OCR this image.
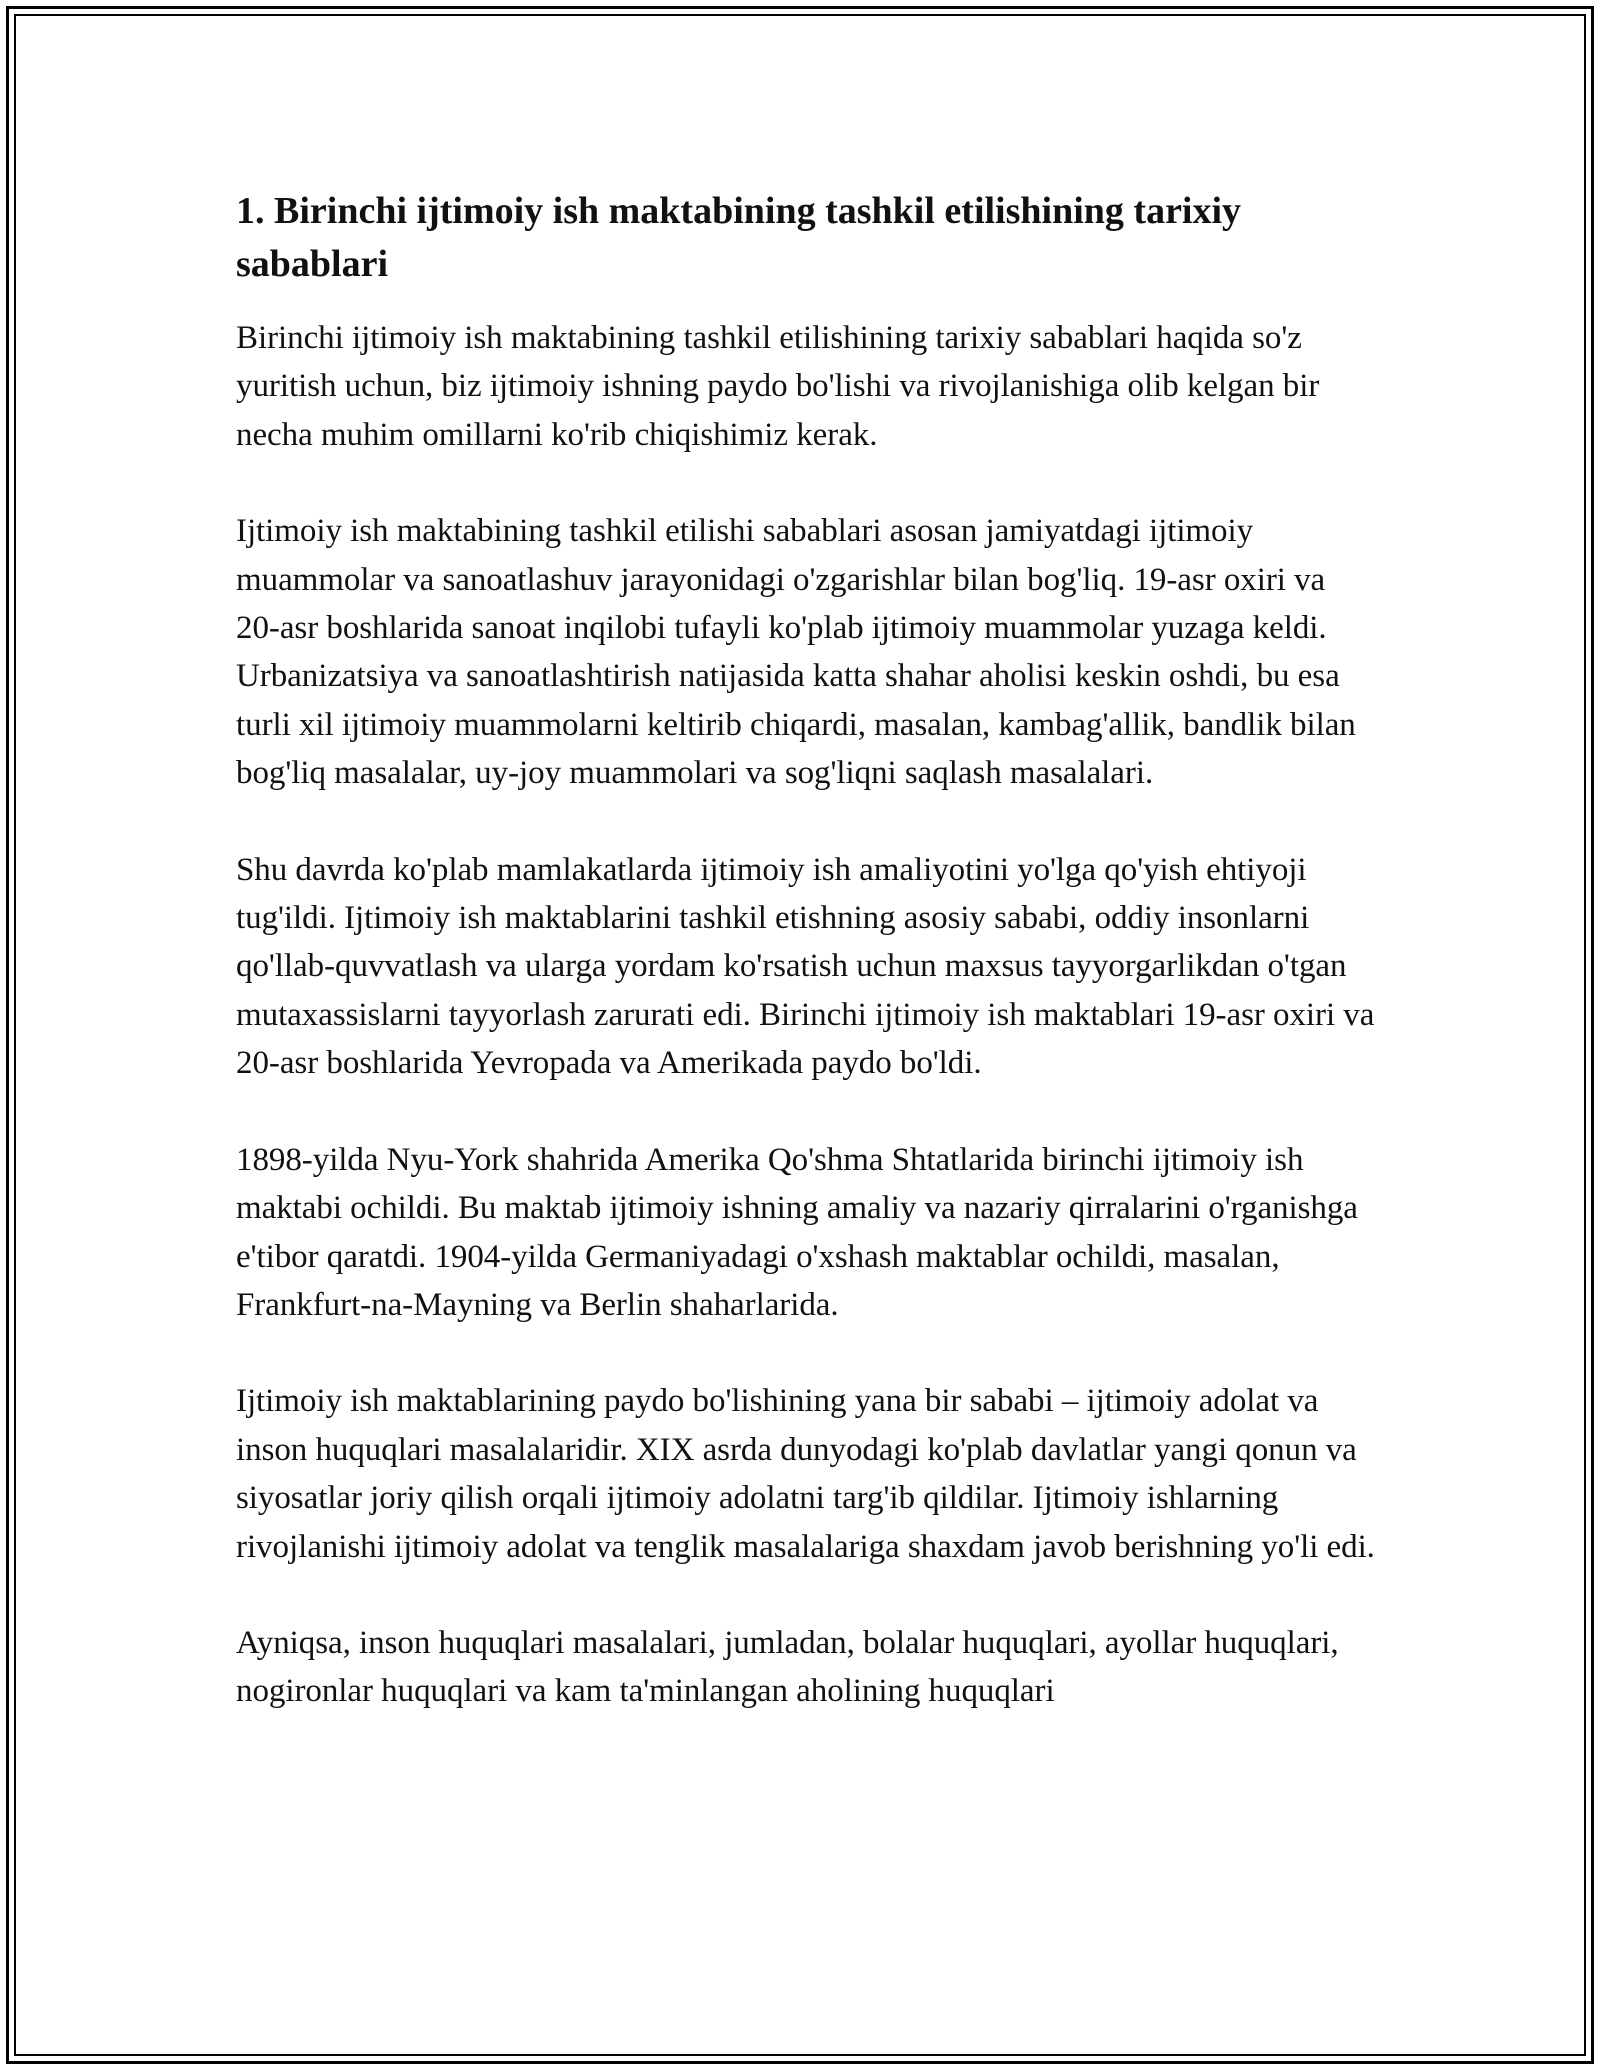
1. Birinchi ijtimoiy ish maktabining tashkil etilishining tarixiy sabablari

Birinchi ijtimoiy ish maktabining tashkil etilishining tarixiy sabablari haqida so'z yuritish uchun, biz ijtimoiy ishning paydo bo'lishi va rivojlanishiga olib kelgan bir necha muhim omillarni ko'rib chiqishimiz kerak.

Ijtimoiy ish maktabining tashkil etilishi sabablari asosan jamiyatdagi ijtimoiy muammolar va sanoatlashuv jarayonidagi o'zgarishlar bilan bog'liq. 19-asr oxiri va 20-asr boshlarida sanoat inqilobi tufayli ko'plab ijtimoiy muammolar yuzaga keldi. Urbanizatsiya va sanoatlashtirish natijasida katta shahar aholisi keskin oshdi, bu esa turli xil ijtimoiy muammolarni keltirib chiqardi, masalan, kambag'allik, bandlik bilan bog'liq masalalar, uy-joy muammolari va sog'liqni saqlash masalalari.

Shu davrda ko'plab mamlakatlarda ijtimoiy ish amaliyotini yo'lga qo'yish ehtiyoji tug'ildi. Ijtimoiy ish maktablarini tashkil etishning asosiy sababi, oddiy insonlarni qo'llab-quvvatlash va ularga yordam ko'rsatish uchun maxsus tayyorgarlikdan o'tgan mutaxassislarni tayyorlash zarurati edi. Birinchi ijtimoiy ish maktablari 19-asr oxiri va 20-asr boshlarida Yevropada va Amerikada paydo bo'ldi.

1898-yilda Nyu-York shahrida Amerika Qo'shma Shtatlarida birinchi ijtimoiy ish maktabi ochildi. Bu maktab ijtimoiy ishning amaliy va nazariy qirralarini o'rganishga e'tibor qaratdi. 1904-yilda Germaniyadagi o'xshash maktablar ochildi, masalan, Frankfurt-na-Mayning va Berlin shaharlarida.

Ijtimoiy ish maktablarining paydo bo'lishining yana bir sababi – ijtimoiy adolat va inson huquqlari masalalaridir. XIX asrda dunyodagi ko'plab davlatlar yangi qonun va siyosatlar joriy qilish orqali ijtimoiy adolatni targ'ib qildilar. Ijtimoiy ishlarning rivojlanishi ijtimoiy adolat va tenglik masalalariga shaxdam javob berishning yo'li edi.

Ayniqsa, inson huquqlari masalalari, jumladan, bolalar huquqlari, ayollar huquqlari, nogironlar huquqlari va kam ta'minlangan aholining huquqlari
